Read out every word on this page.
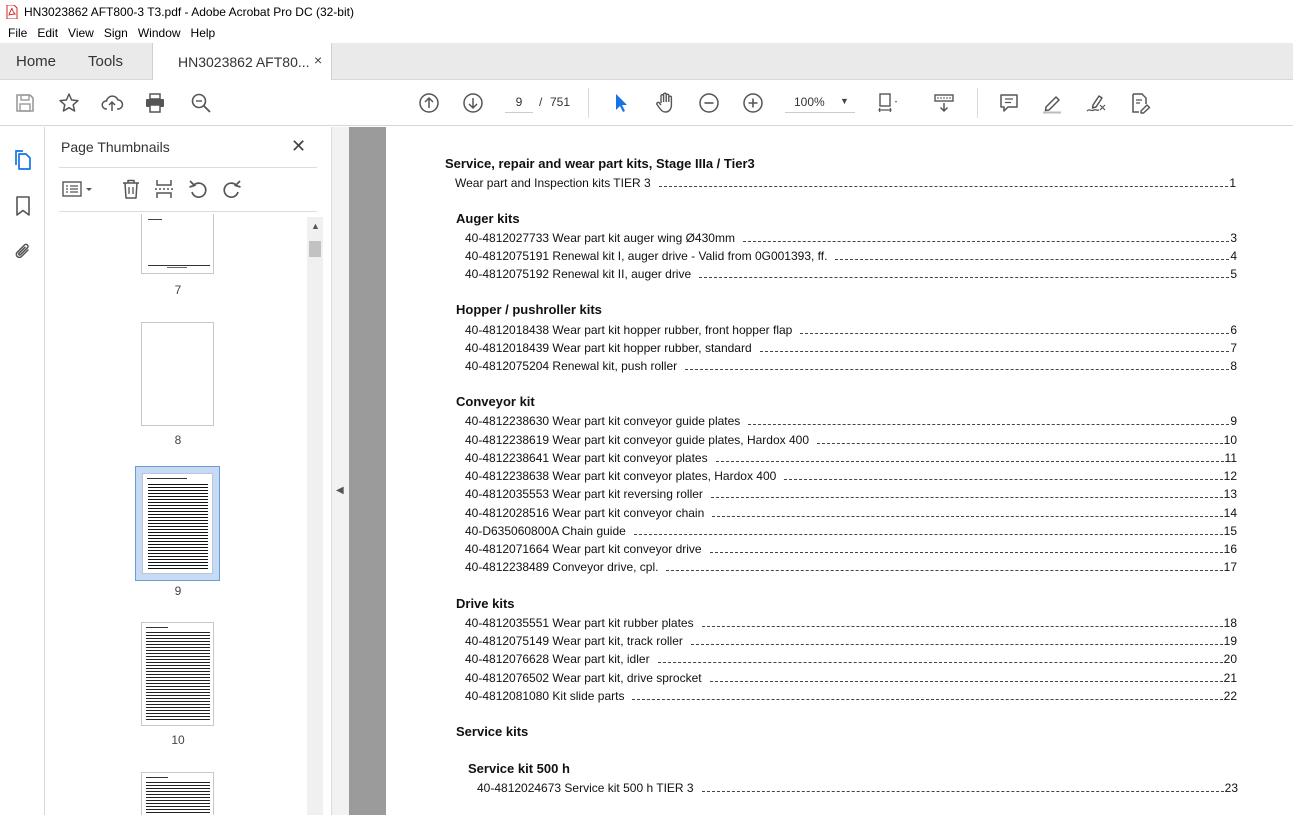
HN3023862 AFT800-3 T3.pdf - Adobe Acrobat Pro DC (32-bit)
File Edit View Sign Window Help
Home Tools	HN3023862 AFT80... ×
9
/ 751	100% ▼
Page Thumbnails	✕
7
8
9
10
▲
◀
Service, repair and wear part kits, Stage IIIa / Tier3
Wear part and Inspection kits TIER 3	1
Auger kits
40-4812027733 Wear part kit auger wing Ø430mm	3
40-4812075191 Renewal kit I, auger drive - Valid from 0G001393, ff.	4
40-4812075192 Renewal kit II, auger drive	5
Hopper / pushroller kits
40-4812018438 Wear part kit hopper rubber, front hopper flap	6
40-4812018439 Wear part kit hopper rubber, standard	7
40-4812075204 Renewal kit, push roller	8
Conveyor kit
40-4812238630 Wear part kit conveyor guide plates	9
40-4812238619 Wear part kit conveyor guide plates, Hardox 400	10
40-4812238641 Wear part kit conveyor plates	11
40-4812238638 Wear part kit conveyor plates, Hardox 400	12
40-4812035553 Wear part kit reversing roller	13
40-4812028516 Wear part kit conveyor chain	14
40-D635060800A Chain guide	15
40-4812071664 Wear part kit conveyor drive	16
40-4812238489 Conveyor drive, cpl.	17
Drive kits
40-4812035551 Wear part kit rubber plates	18
40-4812075149 Wear part kit, track roller	19
40-4812076628 Wear part kit, idler	20
40-4812076502 Wear part kit, drive sprocket	21
40-4812081080 Kit slide parts	22
Service kits
Service kit 500 h
40-4812024673 Service kit 500 h TIER 3	23
